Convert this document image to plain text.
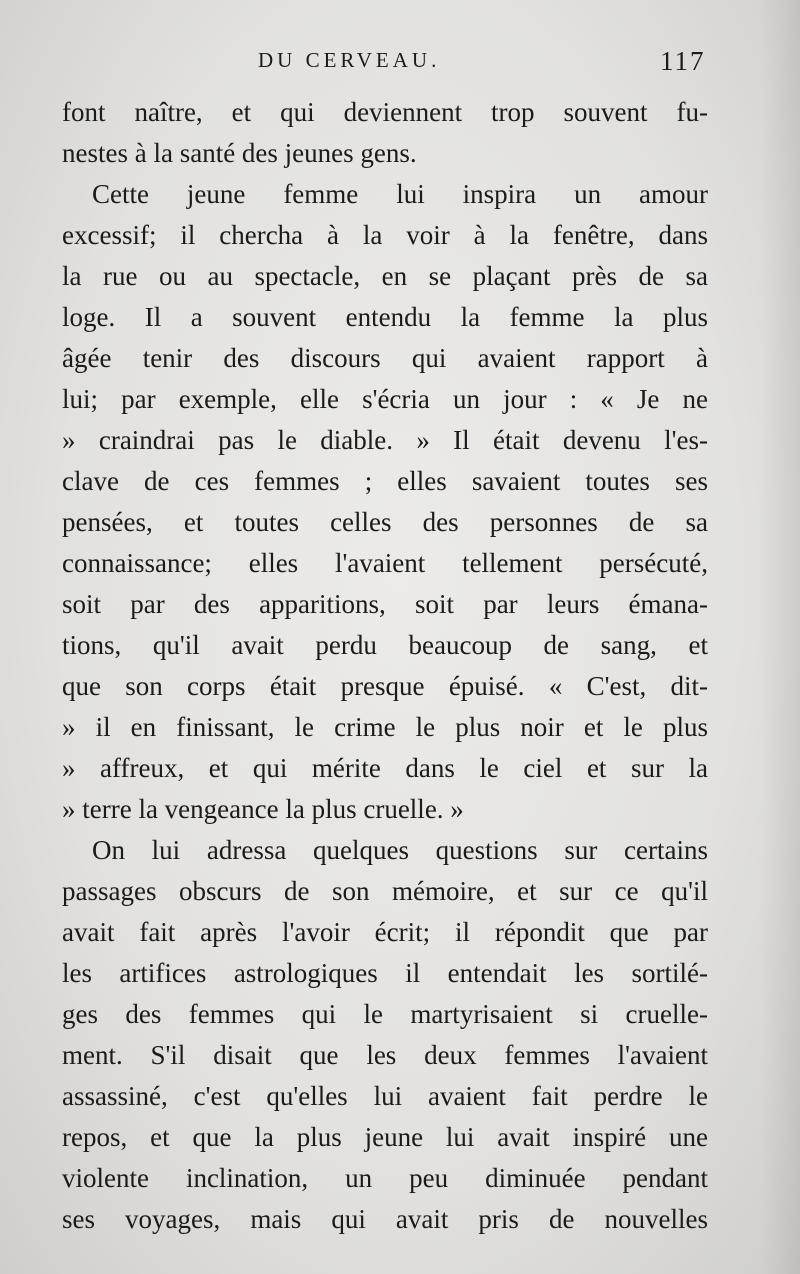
DU CERVEAU.	117
font naître, et qui deviennent trop souvent fu-
nestes à la santé des jeunes gens.
Cette jeune femme lui inspira un amour
excessif; il chercha à la voir à la fenêtre, dans
la rue ou au spectacle, en se plaçant près de sa
loge. Il a souvent entendu la femme la plus
âgée tenir des discours qui avaient rapport à
lui; par exemple, elle s'écria un jour : « Je ne
» craindrai pas le diable. » Il était devenu l'es-
clave de ces femmes ; elles savaient toutes ses
pensées, et toutes celles des personnes de sa
connaissance; elles l'avaient tellement persécuté,
soit par des apparitions, soit par leurs émana-
tions, qu'il avait perdu beaucoup de sang, et
que son corps était presque épuisé. « C'est, dit-
» il en finissant, le crime le plus noir et le plus
» affreux, et qui mérite dans le ciel et sur la
» terre la vengeance la plus cruelle. »
On lui adressa quelques questions sur certains
passages obscurs de son mémoire, et sur ce qu'il
avait fait après l'avoir écrit; il répondit que par
les artifices astrologiques il entendait les sortilé-
ges des femmes qui le martyrisaient si cruelle-
ment. S'il disait que les deux femmes l'avaient
assassiné, c'est qu'elles lui avaient fait perdre le
repos, et que la plus jeune lui avait inspiré une
violente inclination, un peu diminuée pendant
ses voyages, mais qui avait pris de nouvelles
